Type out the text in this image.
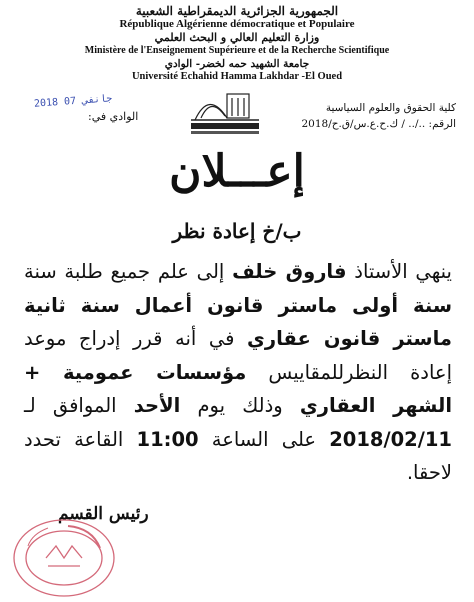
الجمهورية الجزائرية الديمقراطية الشعبية
République Algérienne démocratique et Populaire
وزارة التعليم العالي و البحث العلمي
Ministère de l'Enseignement Supérieure et de la Recherche Scientifique
جامعة الشهيد حمه لخضر- الوادي
Université Echahid Hamma Lakhdar -El Oued
2018 07 جانفي
الوادي في:
كلية الحقوق والعلوم السياسية
الرقم: ../.. / ك.ح.ع.س/ق.ح/2018
إعـــلان
ب/خ إعادة نظر
ينهي الأستاذ فاروق خلف إلى علم جميع طلبة سنة سنة أولى ماستر قانون أعمال سنة ثانية ماستر قانون عقاري في أنه قرر إدراج موعد إعادة النظرللمقاييس مؤسسات عمومية + الشهر العقاري وذلك يوم الأحد الموافق لـ 2018/02/11 على الساعة 11:00 القاعة تحدد لاحقا.
رئيس القسم
